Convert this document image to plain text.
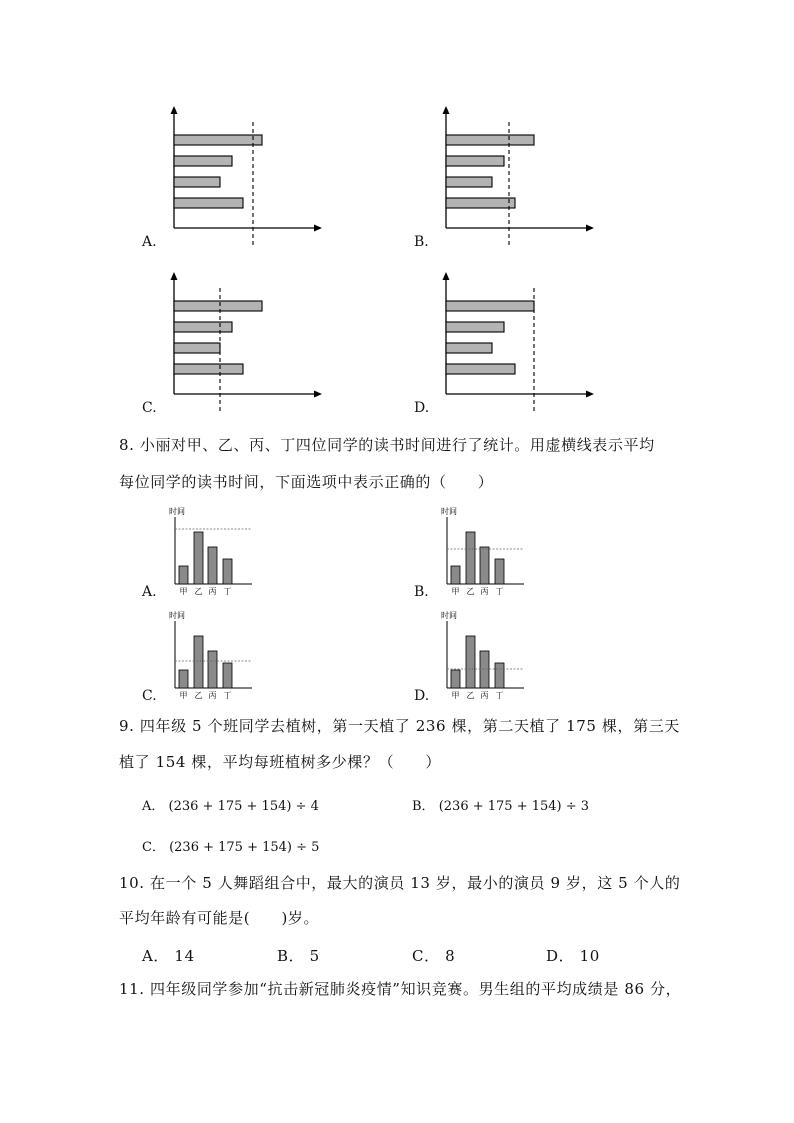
A.	B.
C.	D.
8. 小丽对甲、乙、丙、丁四位同学的读书时间进行了统计。用虚横线表示平均
每位同学的读书时间，下面选项中表示正确的（　　）
时间
甲 乙 丙 丁
A.
时间
甲 乙 丙 丁
B.
时间
甲 乙 丙 丁
C.
时间
甲 乙 丙 丁
D.
9. 四年级 5 个班同学去植树，第一天植了 236 棵，第二天植了 175 棵，第三天
植了 154 棵，平均每班植树多少棵？（　　）
A． (236 + 175 + 154) ÷ 4	B． (236 + 175 + 154) ÷ 3
C． (236 + 175 + 154) ÷ 5
10. 在一个 5 人舞蹈组合中，最大的演员 13 岁，最小的演员 9 岁，这 5 个人的
平均年龄有可能是(　　)岁。
A． 14	B． 5	C． 8	D． 10
11. 四年级同学参加“抗击新冠肺炎疫情”知识竞赛。男生组的平均成绩是 86 分，
